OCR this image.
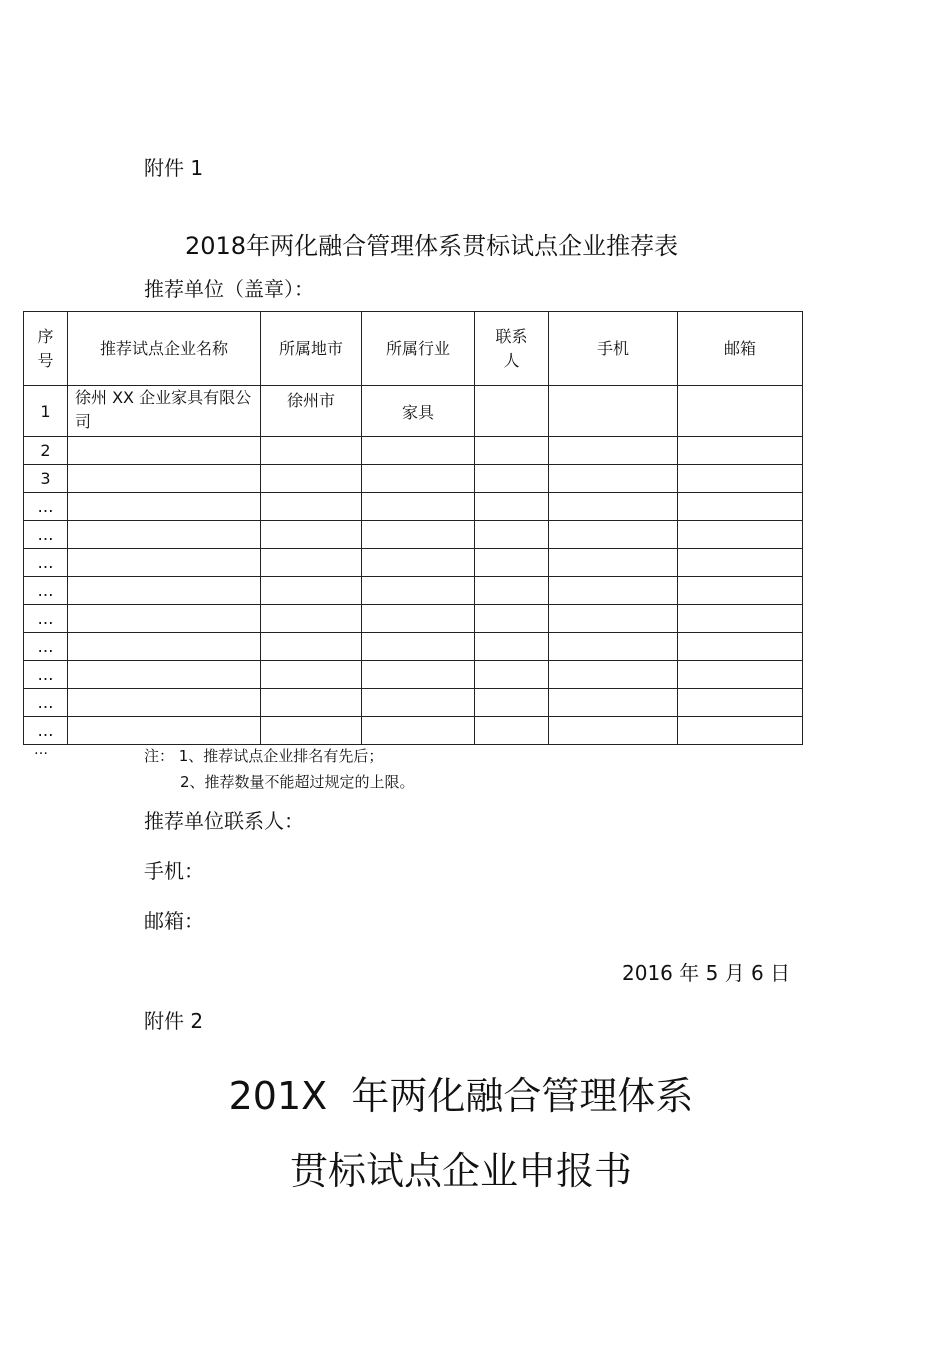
附件 1
2018年两化融合管理体系贯标试点企业推荐表
推荐单位（盖章）：
序号	推荐试点企业名称	所属地市	所属行业	联系人	手机	邮箱
1	徐州 XX 企业家具有限公司	徐州市	家具			
2						
3						
…						
…						
…						
…						
…						
…						
…						
…						
…						
…	注： 1、推荐试点企业排名有先后；
2、推荐数量不能超过规定的上限。
推荐单位联系人：
手机：
邮箱：
2016 年 5 月 6 日
附件 2
201X  年两化融合管理体系
贯标试点企业申报书
